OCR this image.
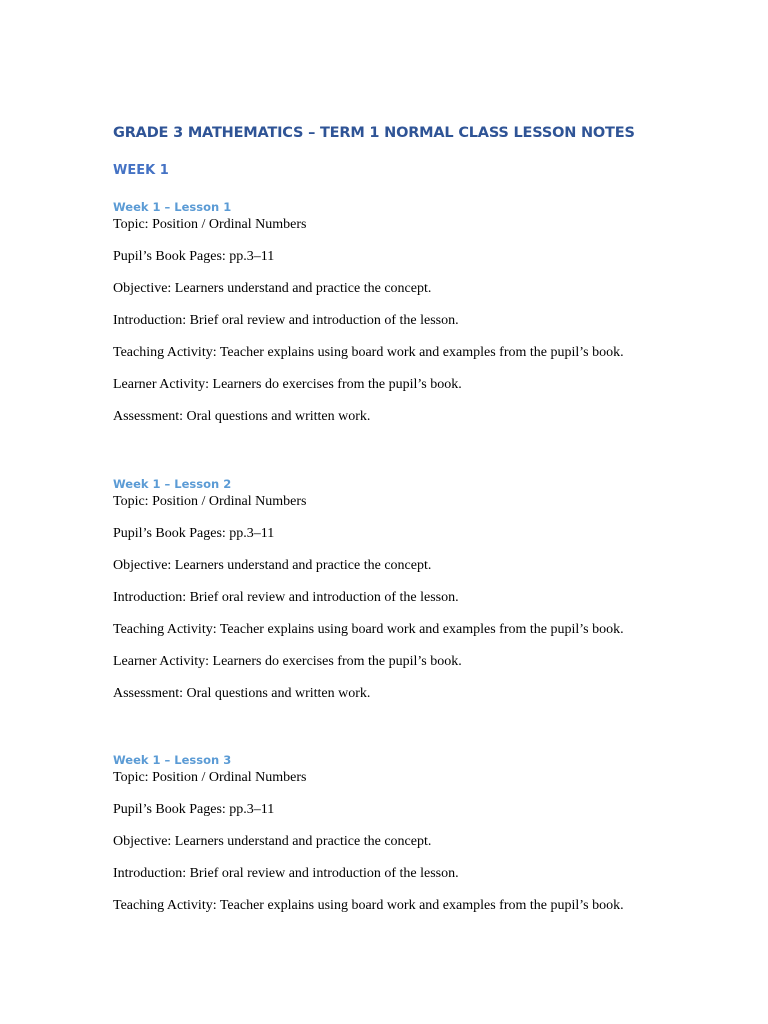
GRADE 3 MATHEMATICS – TERM 1 NORMAL CLASS LESSON NOTES
WEEK 1
Week 1 – Lesson 1
Topic: Position / Ordinal Numbers
Pupil’s Book Pages: pp.3–11
Objective: Learners understand and practice the concept.
Introduction: Brief oral review and introduction of the lesson.
Teaching Activity: Teacher explains using board work and examples from the pupil’s book.
Learner Activity: Learners do exercises from the pupil’s book.
Assessment: Oral questions and written work.
Week 1 – Lesson 2
Topic: Position / Ordinal Numbers
Pupil’s Book Pages: pp.3–11
Objective: Learners understand and practice the concept.
Introduction: Brief oral review and introduction of the lesson.
Teaching Activity: Teacher explains using board work and examples from the pupil’s book.
Learner Activity: Learners do exercises from the pupil’s book.
Assessment: Oral questions and written work.
Week 1 – Lesson 3
Topic: Position / Ordinal Numbers
Pupil’s Book Pages: pp.3–11
Objective: Learners understand and practice the concept.
Introduction: Brief oral review and introduction of the lesson.
Teaching Activity: Teacher explains using board work and examples from the pupil’s book.
